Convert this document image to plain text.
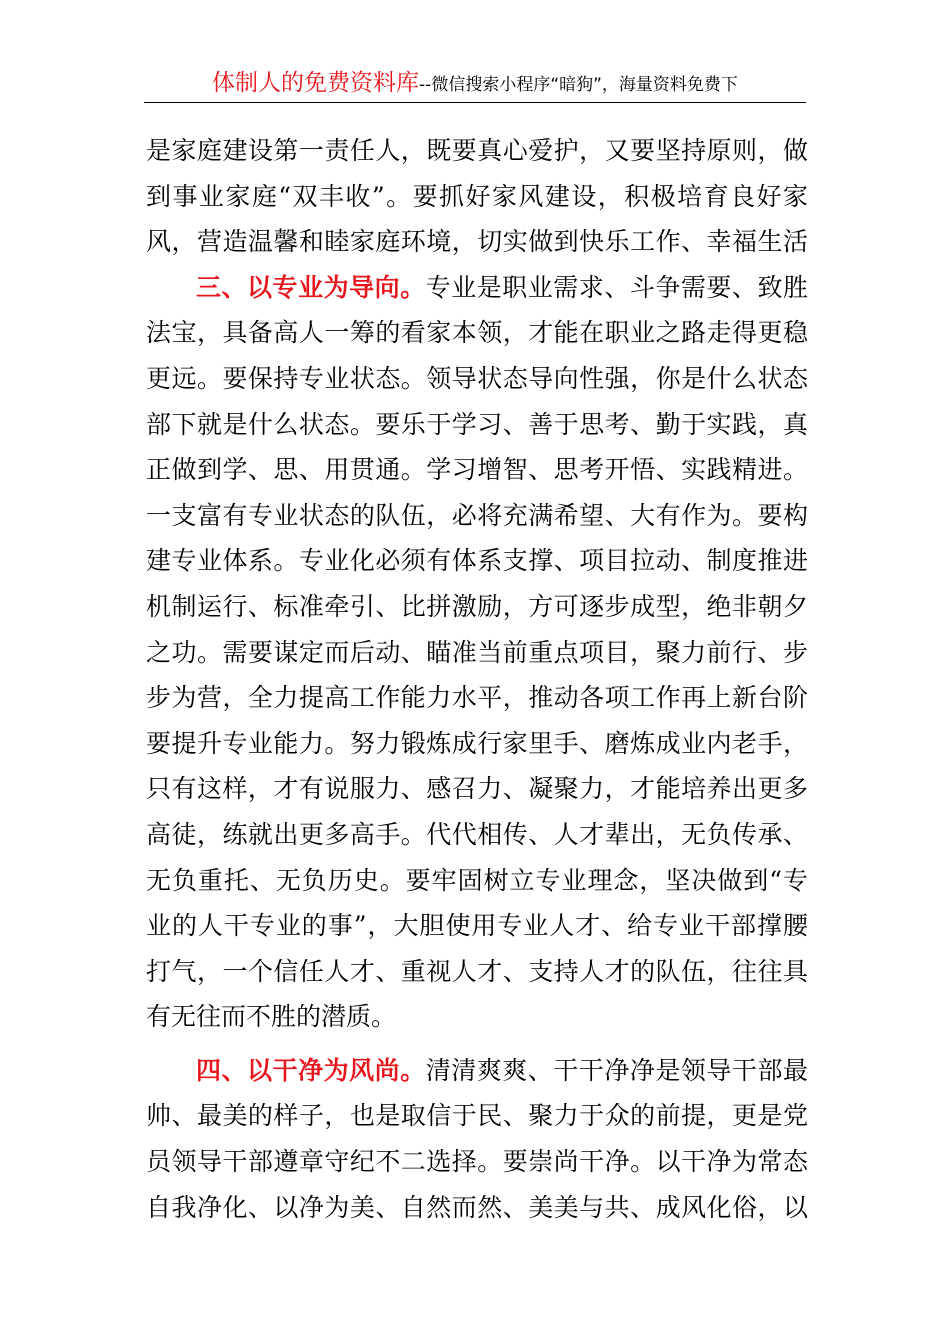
体制人的免费资料库--微信搜索小程序“暗狗”，海量资料免费下
是家庭建设第一责任人，既要真心爱护，又要坚持原则，做
到事业家庭“双丰收”。要抓好家风建设，积极培育良好家
风，营造温馨和睦家庭环境，切实做到快乐工作、幸福生活
三、以专业为导向。专业是职业需求、斗争需要、致胜
法宝，具备高人一筹的看家本领，才能在职业之路走得更稳
更远。要保持专业状态。领导状态导向性强，你是什么状态
部下就是什么状态。要乐于学习、善于思考、勤于实践，真
正做到学、思、用贯通。学习增智、思考开悟、实践精进。
一支富有专业状态的队伍，必将充满希望、大有作为。要构
建专业体系。专业化必须有体系支撑、项目拉动、制度推进
机制运行、标准牵引、比拼激励，方可逐步成型，绝非朝夕
之功。需要谋定而后动、瞄准当前重点项目，聚力前行、步
步为营，全力提高工作能力水平，推动各项工作再上新台阶
要提升专业能力。努力锻炼成行家里手、磨炼成业内老手，
只有这样，才有说服力、感召力、凝聚力，才能培养出更多
高徒，练就出更多高手。代代相传、人才辈出，无负传承、
无负重托、无负历史。要牢固树立专业理念，坚决做到“专
业的人干专业的事”，大胆使用专业人才、给专业干部撑腰
打气，一个信任人才、重视人才、支持人才的队伍，往往具
有无往而不胜的潜质。
四、以干净为风尚。清清爽爽、干干净净是领导干部最
帅、最美的样子，也是取信于民、聚力于众的前提，更是党
员领导干部遵章守纪不二选择。要崇尚干净。以干净为常态
自我净化、以净为美、自然而然、美美与共、成风化俗，以
